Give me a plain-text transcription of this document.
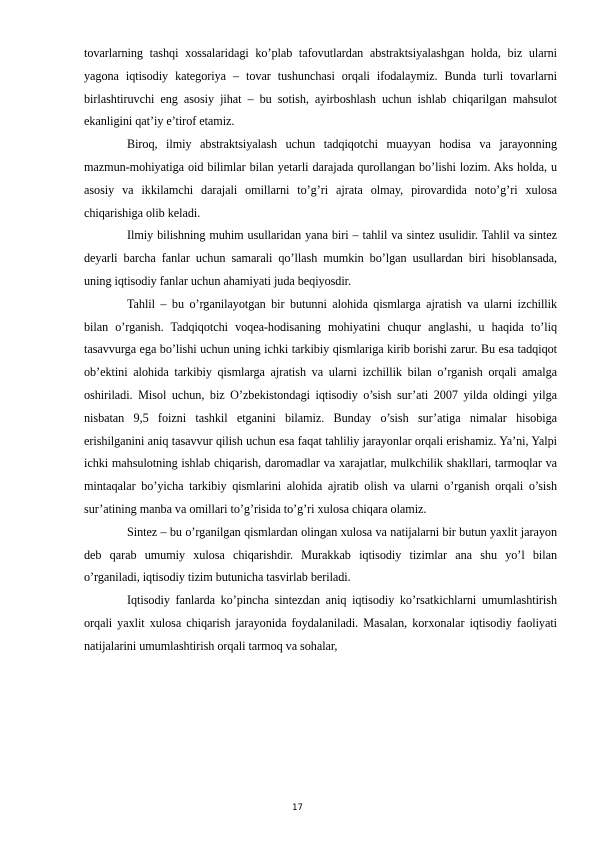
tovarlarning tashqi xossalaridagi ko’plab tafovutlardan abstraktsiyalashgan holda, biz ularni yagona iqtisodiy kategoriya – tovar tushunchasi orqali ifodalaymiz. Bunda turli tovarlarni birlashtiruvchi eng asosiy jihat – bu sotish, ayirboshlash uchun ishlab chiqarilgan mahsulot ekanligini qat’iy e’tirof etamiz.

Biroq, ilmiy abstraktsiyalash uchun tadqiqotchi muayyan hodisa va jarayonning mazmun-mohiyatiga oid bilimlar bilan yetarli darajada qurollangan bo’lishi lozim. Aks holda, u asosiy va ikkilamchi darajali omillarni to’g’ri ajrata olmay, pirovardida noto’g’ri xulosa chiqarishiga olib keladi.

Ilmiy bilishning muhim usullaridan yana biri – tahlil va sintez usulidir. Tahlil va sintez deyarli barcha fanlar uchun samarali qo’llash mumkin bo’lgan usullardan biri hisoblansada, uning iqtisodiy fanlar uchun ahamiyati juda beqiyosdir.

Tahlil – bu o’rganilayotgan bir butunni alohida qismlarga ajratish va ularni izchillik bilan o’rganish. Tadqiqotchi voqea-hodisaning mohiyatini chuqur anglashi, u haqida to’liq tasavvurga ega bo’lishi uchun uning ichki tarkibiy qismlariga kirib borishi zarur. Bu esa tadqiqot ob’ektini alohida tarkibiy qismlarga ajratish va ularni izchillik bilan o’rganish orqali amalga oshiriladi. Misol uchun, biz O’zbekistondagi iqtisodiy o’sish sur’ati 2007 yilda oldingi yilga nisbatan 9,5 foizni tashkil etganini bilamiz. Bunday o’sish sur’atiga nimalar hisobiga erishilganini aniq tasavvur qilish uchun esa faqat tahliliy jarayonlar orqali erishamiz. Ya’ni, Yalpi ichki mahsulotning ishlab chiqarish, daromadlar va xarajatlar, mulkchilik shakllari, tarmoqlar va mintaqalar bo’yicha tarkibiy qismlarini alohida ajratib olish va ularni o’rganish orqali o’sish sur’atining manba va omillari to’g’risida to’g’ri xulosa chiqara olamiz.

Sintez – bu o’rganilgan qismlardan olingan xulosa va natijalarni bir butun yaxlit jarayon deb qarab umumiy xulosa chiqarishdir. Murakkab iqtisodiy tizimlar ana shu yo’l bilan o’rganiladi, iqtisodiy tizim butunicha tasvirlab beriladi.

Iqtisodiy fanlarda ko’pincha sintezdan aniq iqtisodiy ko’rsatkichlarni umumlashtirish orqali yaxlit xulosa chiqarish jarayonida foydalaniladi. Masalan, korxonalar iqtisodiy faoliyati natijalarini umumlashtirish orqali tarmoq va sohalar,

17
